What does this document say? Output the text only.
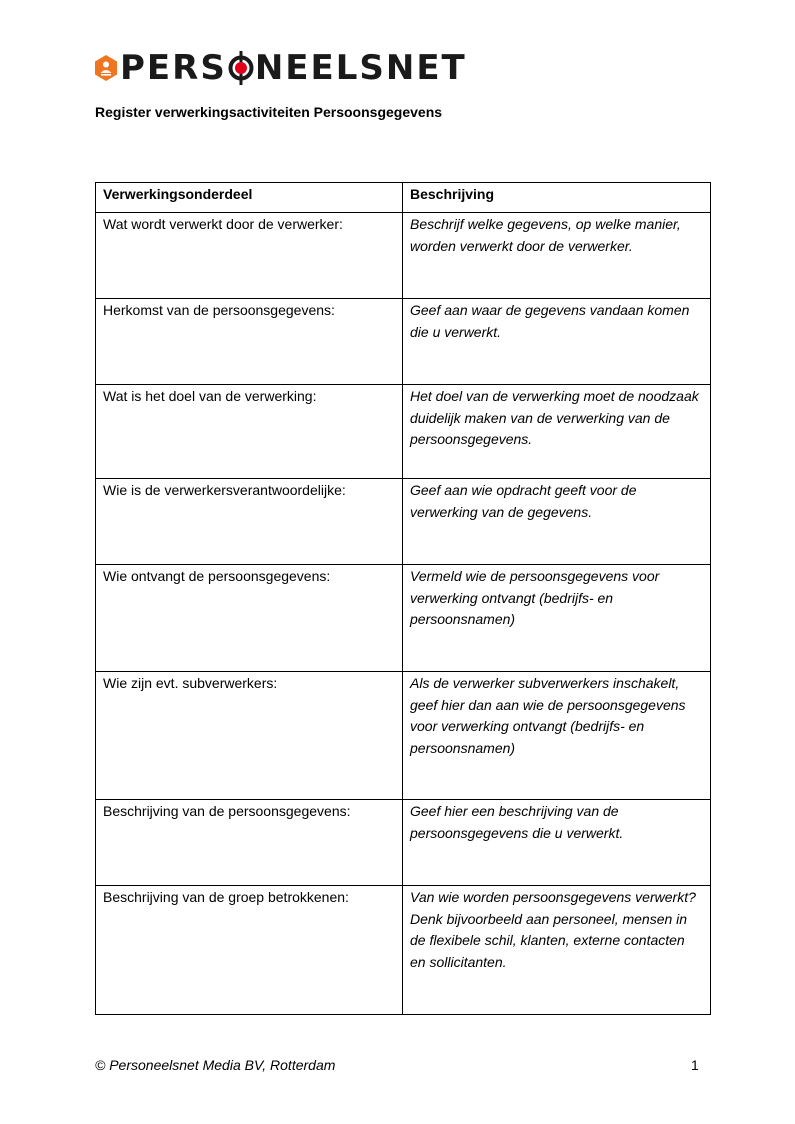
PERS NEELSNET
Register verwerkingsactiviteiten Persoonsgegevens
Verwerkingsonderdeel	Beschrijving
Wat wordt verwerkt door de verwerker:	Beschrijf welke gegevens, op welke manier, worden verwerkt door de verwerker.
Herkomst van de persoonsgegevens:	Geef aan waar de gegevens vandaan komen die u verwerkt.
Wat is het doel van de verwerking:	Het doel van de verwerking moet de noodzaak duidelijk maken van de verwerking van de persoonsgegevens.
Wie is de verwerkersverantwoordelijke:	Geef aan wie opdracht geeft voor de verwerking van de gegevens.
Wie ontvangt de persoonsgegevens:	Vermeld wie de persoonsgegevens voor verwerking ontvangt (bedrijfs- en persoonsnamen)
Wie zijn evt. subverwerkers:	Als de verwerker subverwerkers inschakelt, geef hier dan aan wie de persoonsgegevens voor verwerking ontvangt (bedrijfs- en persoonsnamen)
Beschrijving van de persoonsgegevens:	Geef hier een beschrijving van de persoonsgegevens die u verwerkt.
Beschrijving van de groep betrokkenen:	Van wie worden persoonsgegevens verwerkt? Denk bijvoorbeeld aan personeel, mensen in de flexibele schil, klanten, externe contacten en sollicitanten.
© Personeelsnet Media BV, Rotterdam	1
